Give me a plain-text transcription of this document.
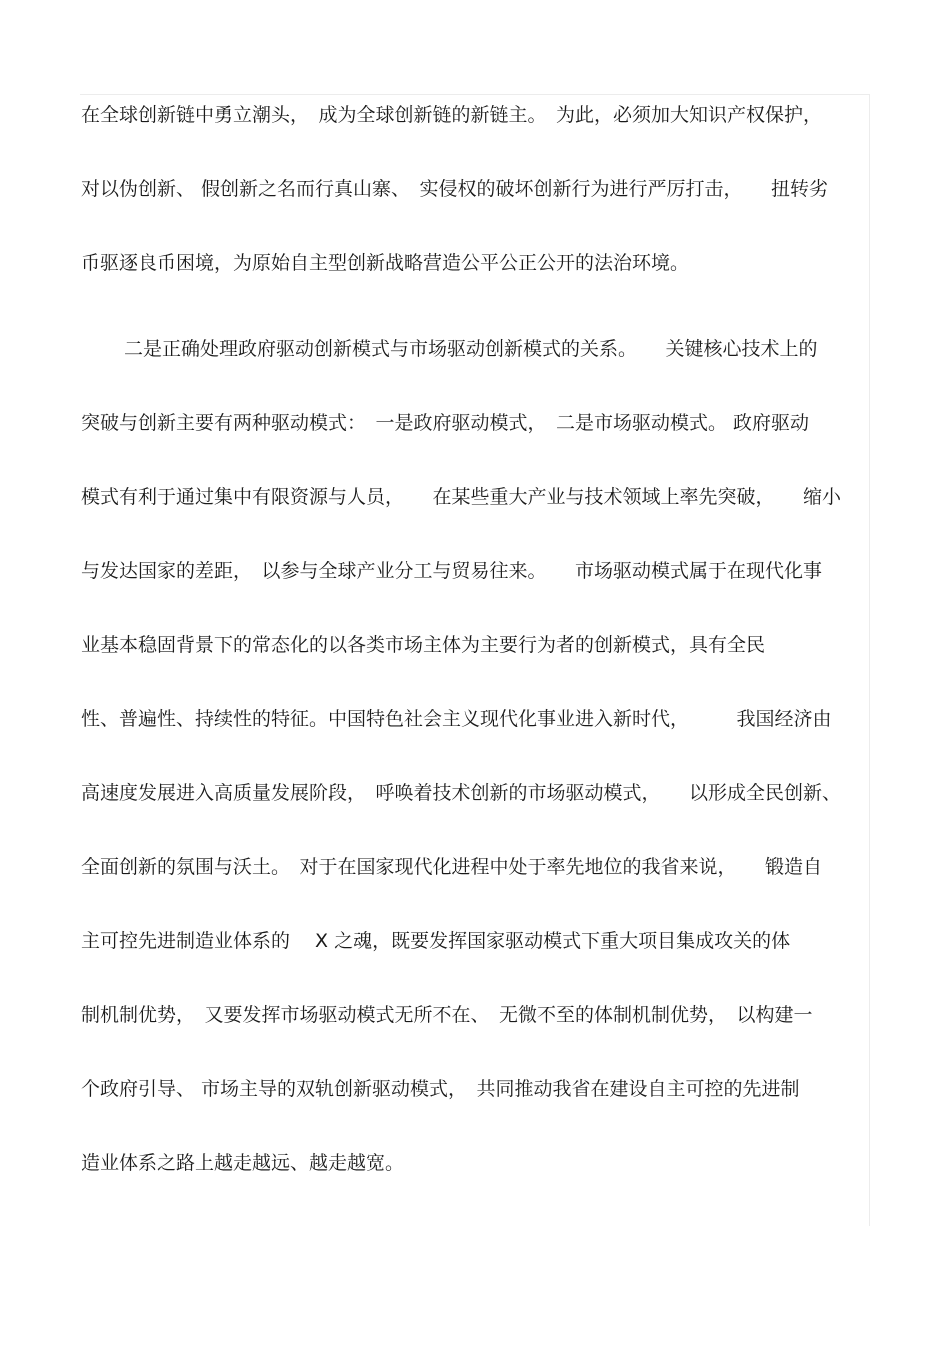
在全球创新链中勇立潮头，　成为全球创新链的新链主。　为此，必须加大知识产权保护，
对以伪创新、 假创新之名而行真山寨、　实侵权的破坏创新行为进行严厉打击，　　扭转劣
币驱逐良币困境，为原始自主型创新战略营造公平公正公开的法治环境。
二是正确处理政府驱动创新模式与市场驱动创新模式的关系。　　关键核心技术上的
突破与创新主要有两种驱动模式：　一是政府驱动模式，　二是市场驱动模式。 政府驱动
模式有利于通过集中有限资源与人员，　　在某些重大产业与技术领域上率先突破，　　缩小
与发达国家的差距，　以参与全球产业分工与贸易往来。　　市场驱动模式属于在现代化事
业基本稳固背景下的常态化的以各类市场主体为主要行为者的创新模式，具有全民
性、普遍性、持续性的特征。中国特色社会主义现代化事业进入新时代，　　　我国经济由
高速度发展进入高质量发展阶段，　呼唤着技术创新的市场驱动模式，　　以形成全民创新、
全面创新的氛围与沃土。　对于在国家现代化进程中处于率先地位的我省来说，　　锻造自
主可控先进制造业体系的　 X 之魂，既要发挥国家驱动模式下重大项目集成攻关的体
制机制优势，　又要发挥市场驱动模式无所不在、　无微不至的体制机制优势，　以构建一
个政府引导、 市场主导的双轨创新驱动模式，　共同推动我省在建设自主可控的先进制
造业体系之路上越走越远、越走越宽。
